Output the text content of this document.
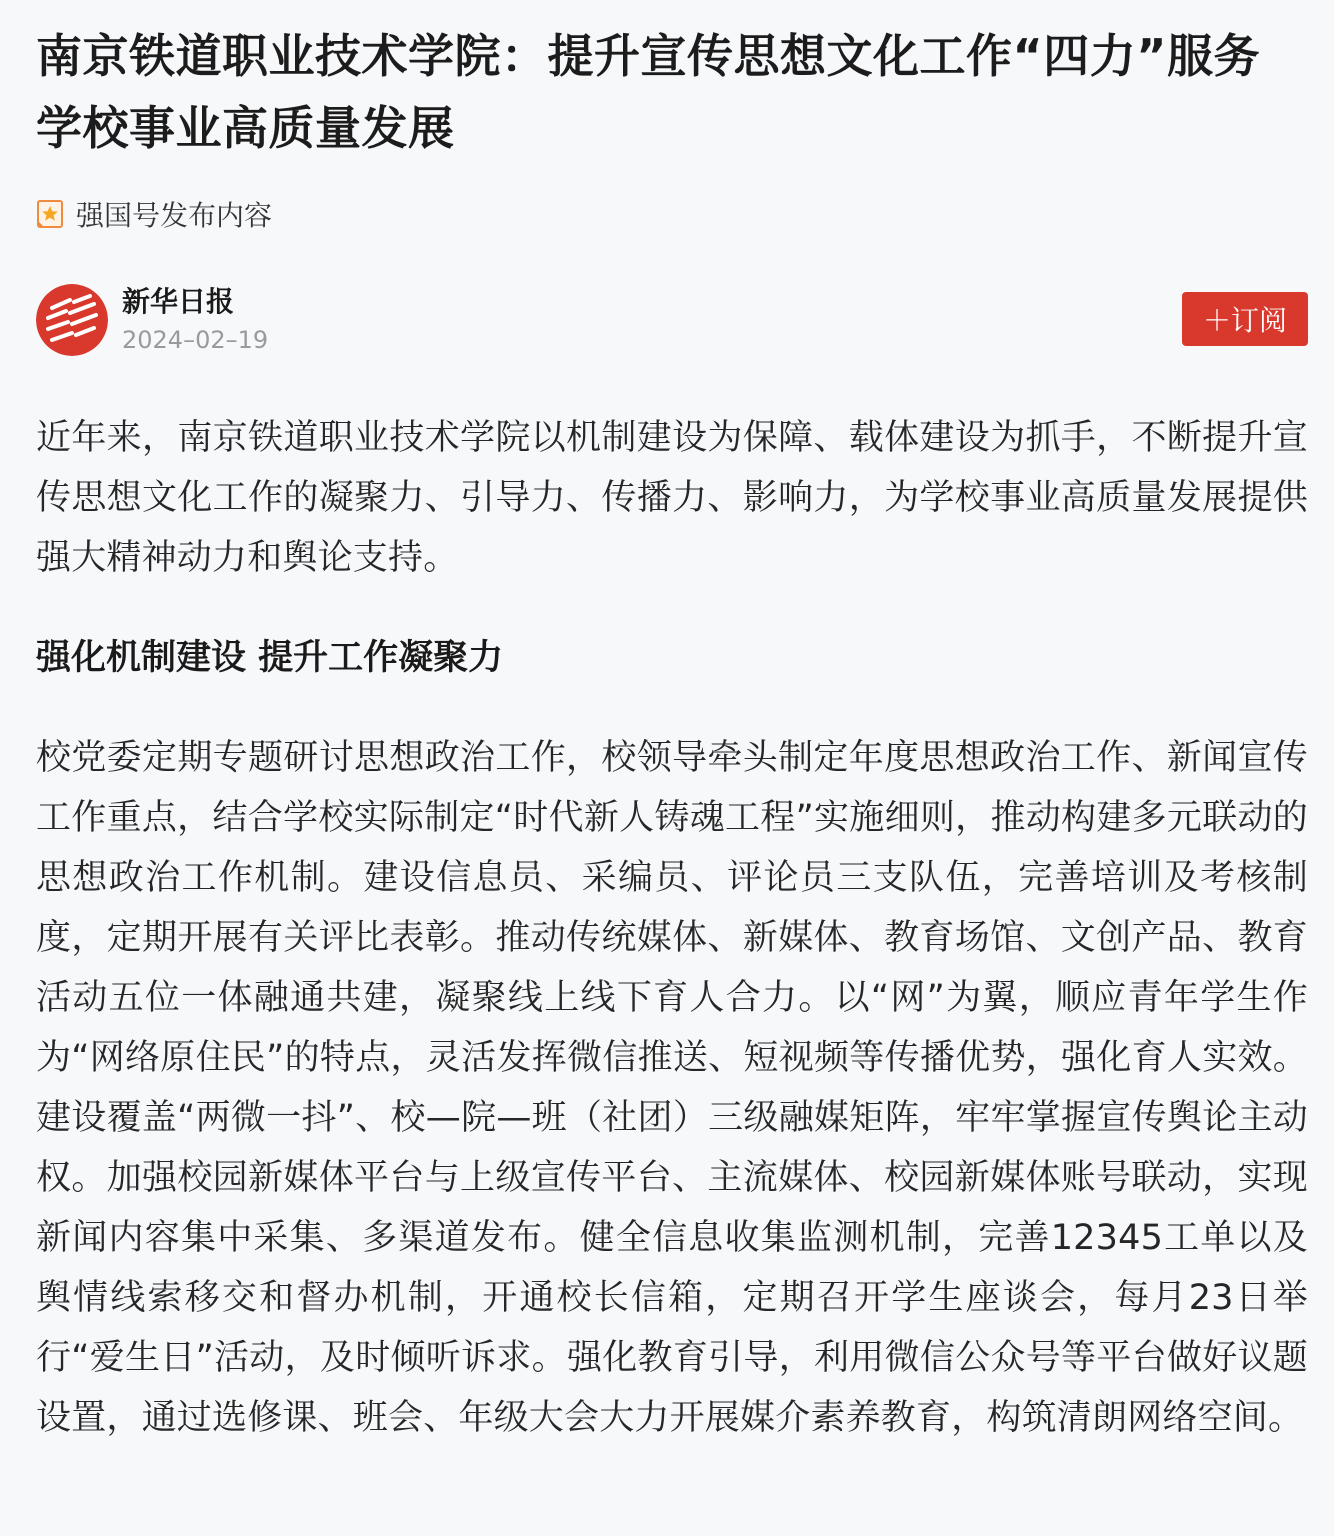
南京铁道职业技术学院：提升宣传思想文化工作“四力”服务学校事业高质量发展
强国号发布内容
新华日报
2024–02–19
＋订阅

近年来，南京铁道职业技术学院以机制建设为保障、载体建设为抓手，不断提升宣传思想文化工作的凝聚力、引导力、传播力、影响力，为学校事业高质量发展提供强大精神动力和舆论支持。

强化机制建设 提升工作凝聚力

校党委定期专题研讨思想政治工作，校领导牵头制定年度思想政治工作、新闻宣传工作重点，结合学校实际制定“时代新人铸魂工程”实施细则，推动构建多元联动的思想政治工作机制。建设信息员、采编员、评论员三支队伍，完善培训及考核制度，定期开展有关评比表彰。推动传统媒体、新媒体、教育场馆、文创产品、教育活动五位一体融通共建，凝聚线上线下育人合力。以“网”为翼，顺应青年学生作为“网络原住民”的特点，灵活发挥微信推送、短视频等传播优势，强化育人实效。建设覆盖“两微一抖”、校—院—班（社团）三级融媒矩阵，牢牢掌握宣传舆论主动权。加强校园新媒体平台与上级宣传平台、主流媒体、校园新媒体账号联动，实现新闻内容集中采集、多渠道发布。健全信息收集监测机制，完善12345工单以及舆情线索移交和督办机制，开通校长信箱，定期召开学生座谈会，每月23日举行“爱生日”活动，及时倾听诉求。强化教育引导，利用微信公众号等平台做好议题设置，通过选修课、班会、年级大会大力开展媒介素养教育，构筑清朗网络空间。
